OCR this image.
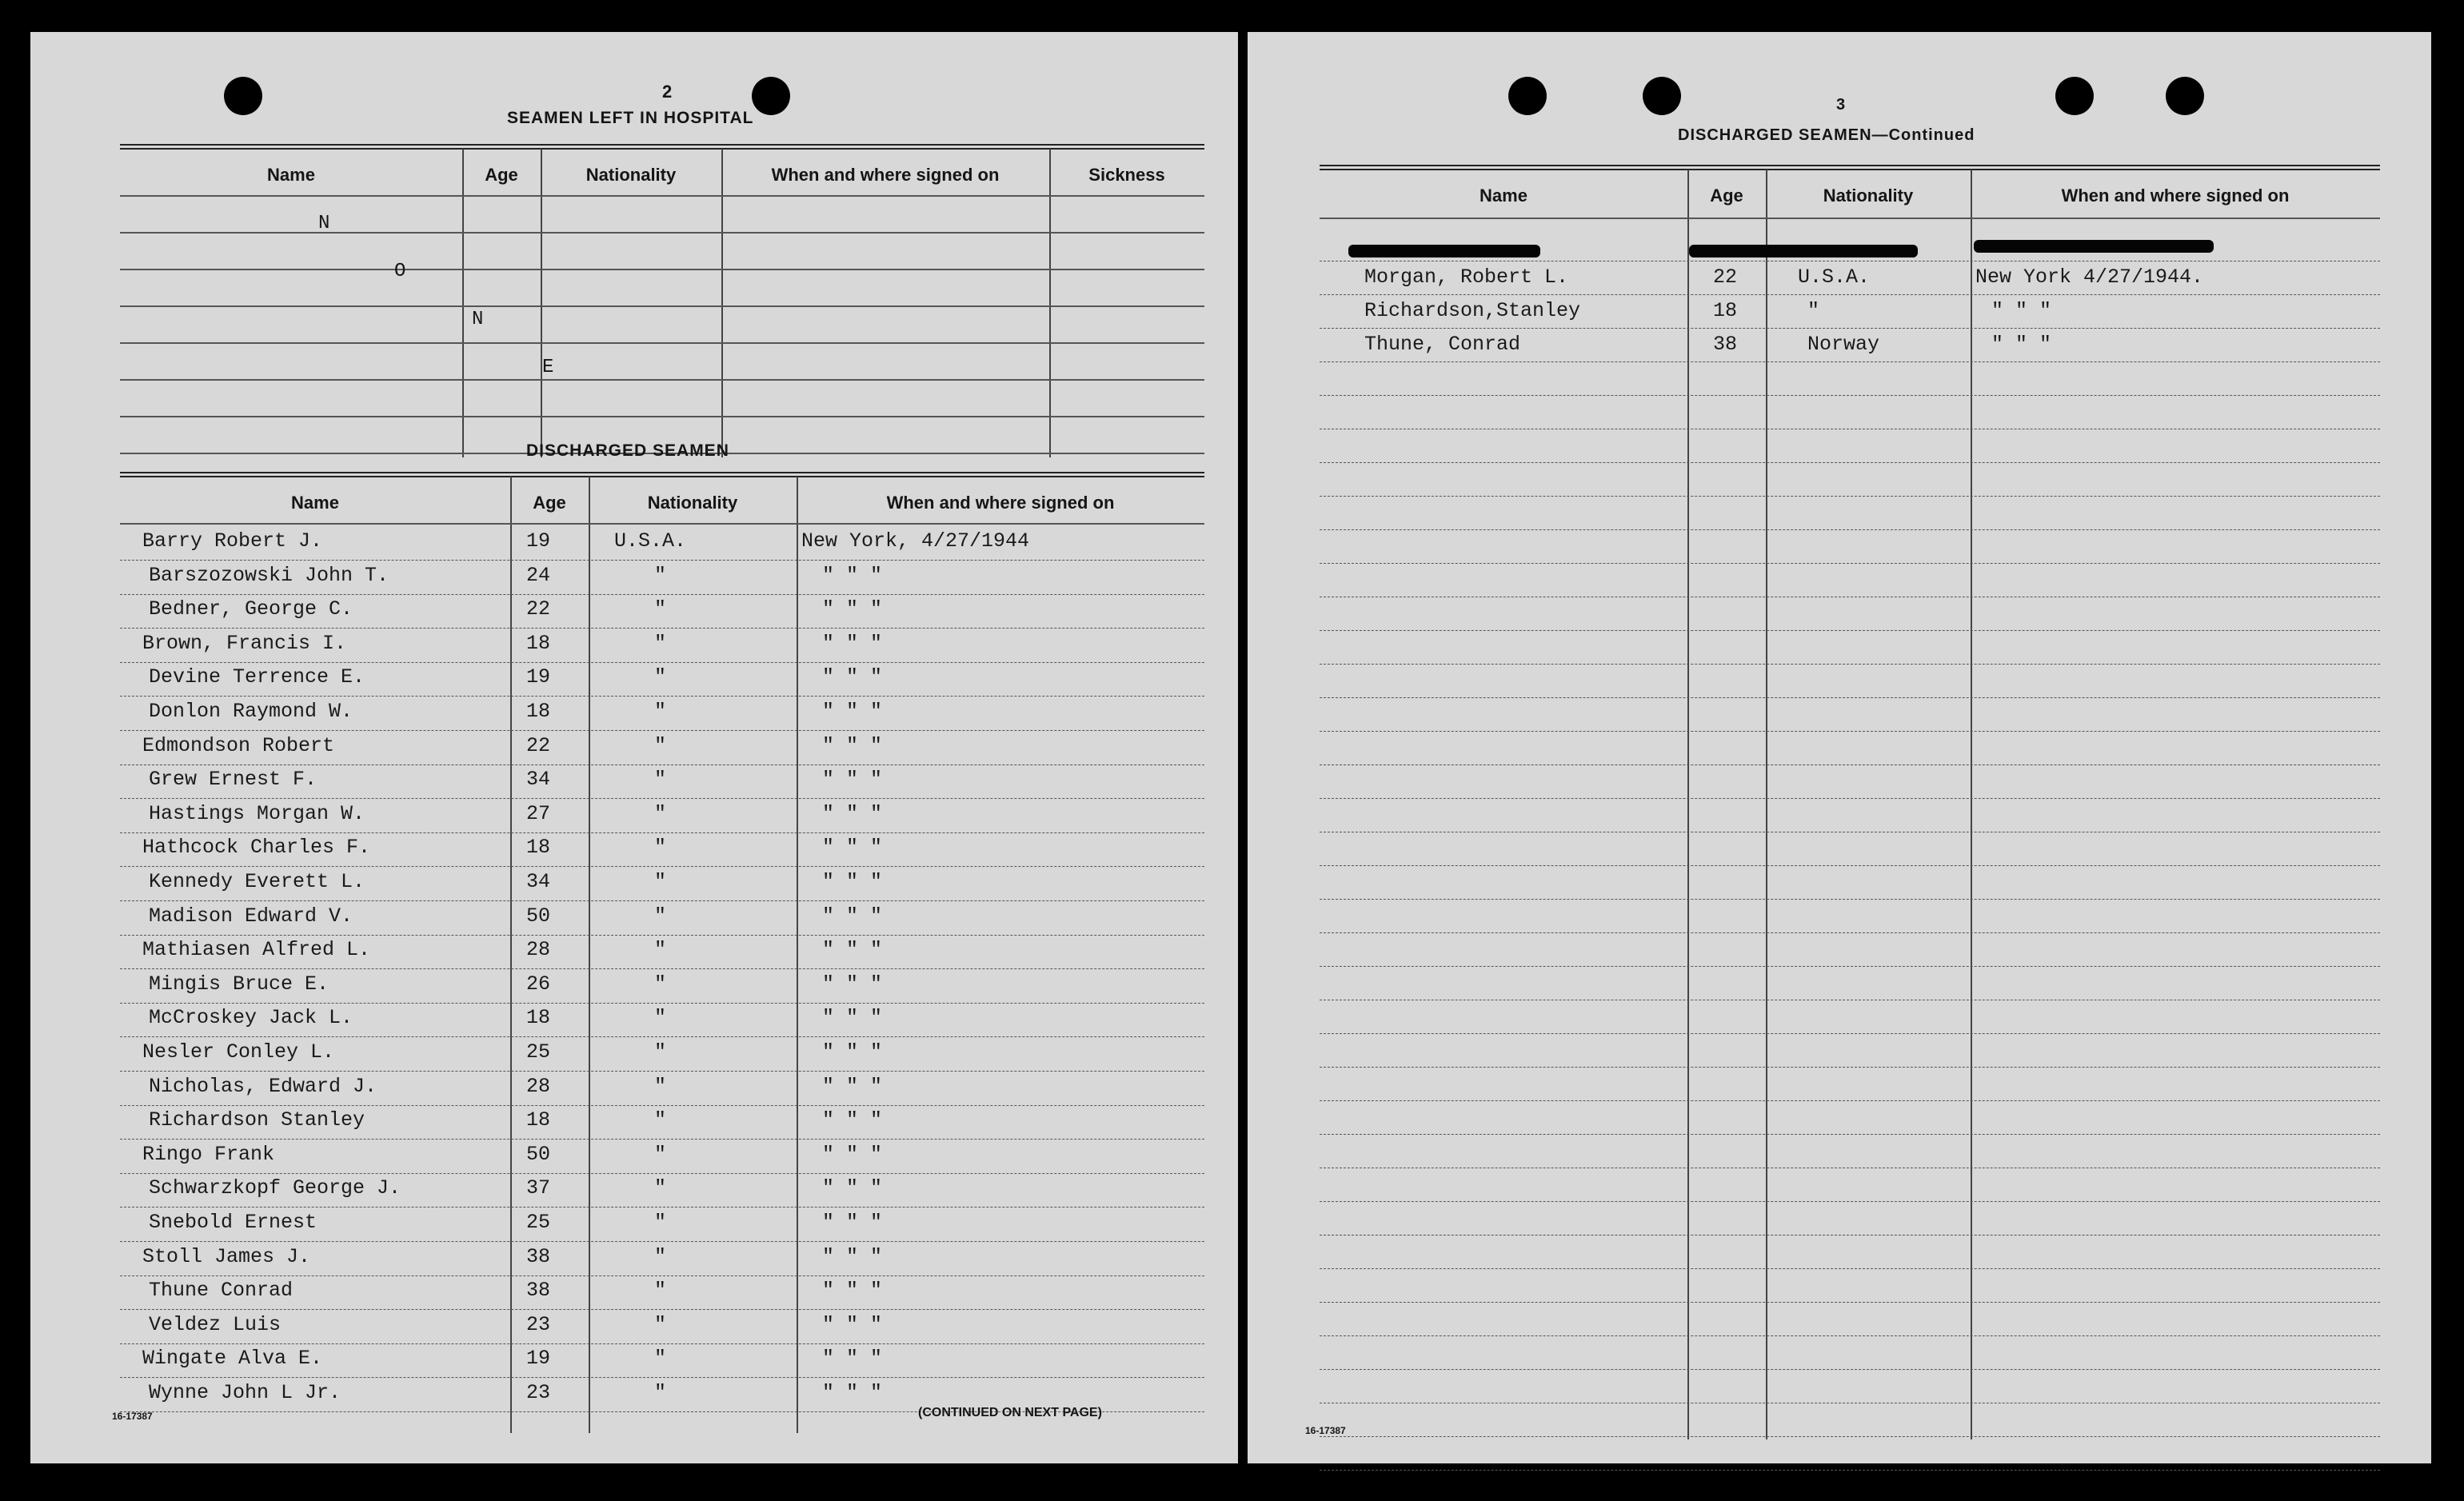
2
SEAMEN LEFT IN HOSPITAL
Name	Age	Nationality	When and where signed on	Sickness
N
O
N
E
DISCHARGED SEAMEN
Name	Age	Nationality	When and where signed on
Barry Robert J.	19	U.S.A.	New York, 4/27/1944
Barszozowski John T.	24	"	" " "
Bedner, George C.	22	"	" " "
Brown, Francis I.	18	"	" " "
Devine Terrence E.	19	"	" " "
Donlon Raymond W.	18	"	" " "
Edmondson Robert	22	"	" " "
Grew Ernest F.	34	"	" " "
Hastings Morgan W.	27	"	" " "
Hathcock Charles F.	18	"	" " "
Kennedy Everett L.	34	"	" " "
Madison Edward V.	50	"	" " "
Mathiasen Alfred L.	28	"	" " "
Mingis Bruce E.	26	"	" " "
McCroskey Jack L.	18	"	" " "
Nesler Conley L.	25	"	" " "
Nicholas, Edward J.	28	"	" " "
Richardson Stanley	18	"	" " "
Ringo Frank	50	"	" " "
Schwarzkopf George J.	37	"	" " "
Snebold Ernest	25	"	" " "
Stoll James J.	38	"	" " "
Thune Conrad	38	"	" " "
Veldez Luis	23	"	" " "
Wingate Alva E.	19	"	" " "
Wynne John L Jr.	23	"	" " "
16-17387	(CONTINUED ON NEXT PAGE)
3
DISCHARGED SEAMEN—Continued
Name	Age	Nationality	When and where signed on
Morgan, Robert L.	22	U.S.A.	New York 4/27/1944.
Richardson,Stanley	18	"	" " "
Thune, Conrad	38	Norway	" " "
16-17387
